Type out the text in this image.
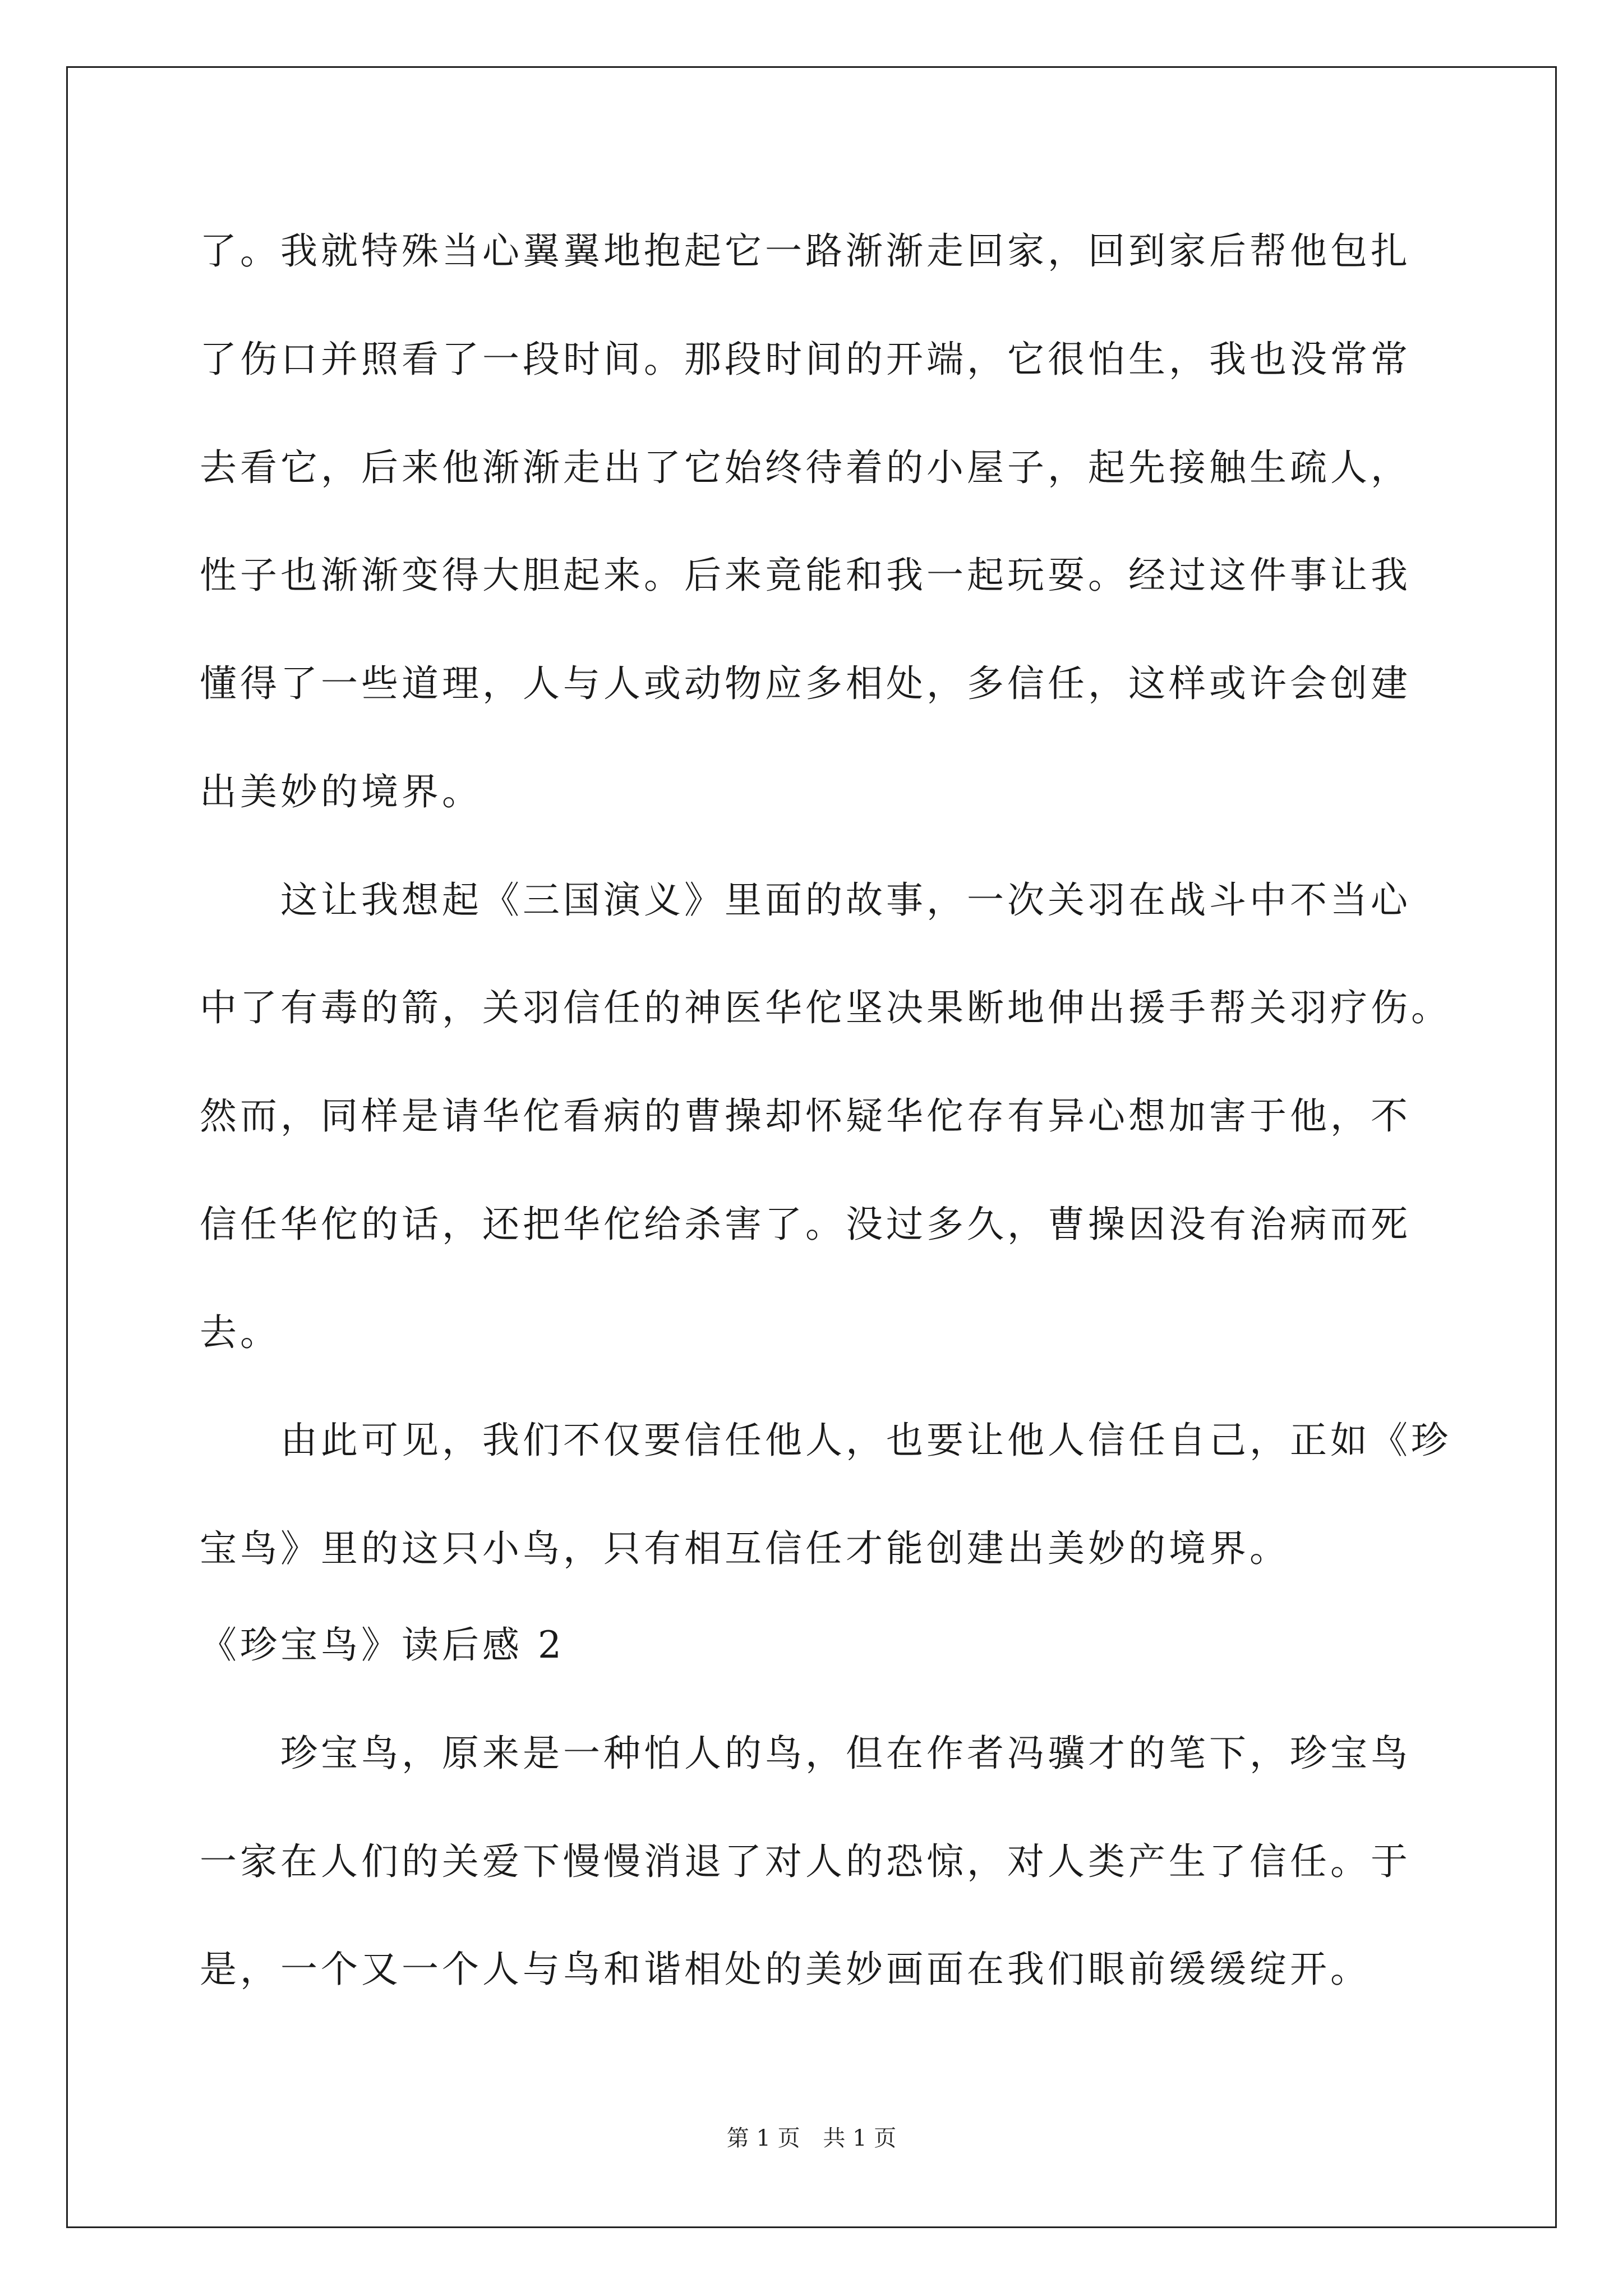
了。我就特殊当心翼翼地抱起它一路渐渐走回家，回到家后帮他包扎
了伤口并照看了一段时间。那段时间的开端，它很怕生，我也没常常
去看它，后来他渐渐走出了它始终待着的小屋子，起先接触生疏人，
性子也渐渐变得大胆起来。后来竟能和我一起玩耍。经过这件事让我
懂得了一些道理，人与人或动物应多相处，多信任，这样或许会创建
出美妙的境界。
　　这让我想起《三国演义》里面的故事，一次关羽在战斗中不当心
中了有毒的箭，关羽信任的神医华佗坚决果断地伸出援手帮关羽疗伤。
然而，同样是请华佗看病的曹操却怀疑华佗存有异心想加害于他，不
信任华佗的话，还把华佗给杀害了。没过多久，曹操因没有治病而死
去。
　　由此可见，我们不仅要信任他人，也要让他人信任自己，正如《珍
宝鸟》里的这只小鸟，只有相互信任才能创建出美妙的境界。
《珍宝鸟》读后感 2
　　珍宝鸟，原来是一种怕人的鸟，但在作者冯骥才的笔下，珍宝鸟
一家在人们的关爱下慢慢消退了对人的恐惊，对人类产生了信任。于
是，一个又一个人与鸟和谐相处的美妙画面在我们眼前缓缓绽开。
第 1 页 共 1 页
